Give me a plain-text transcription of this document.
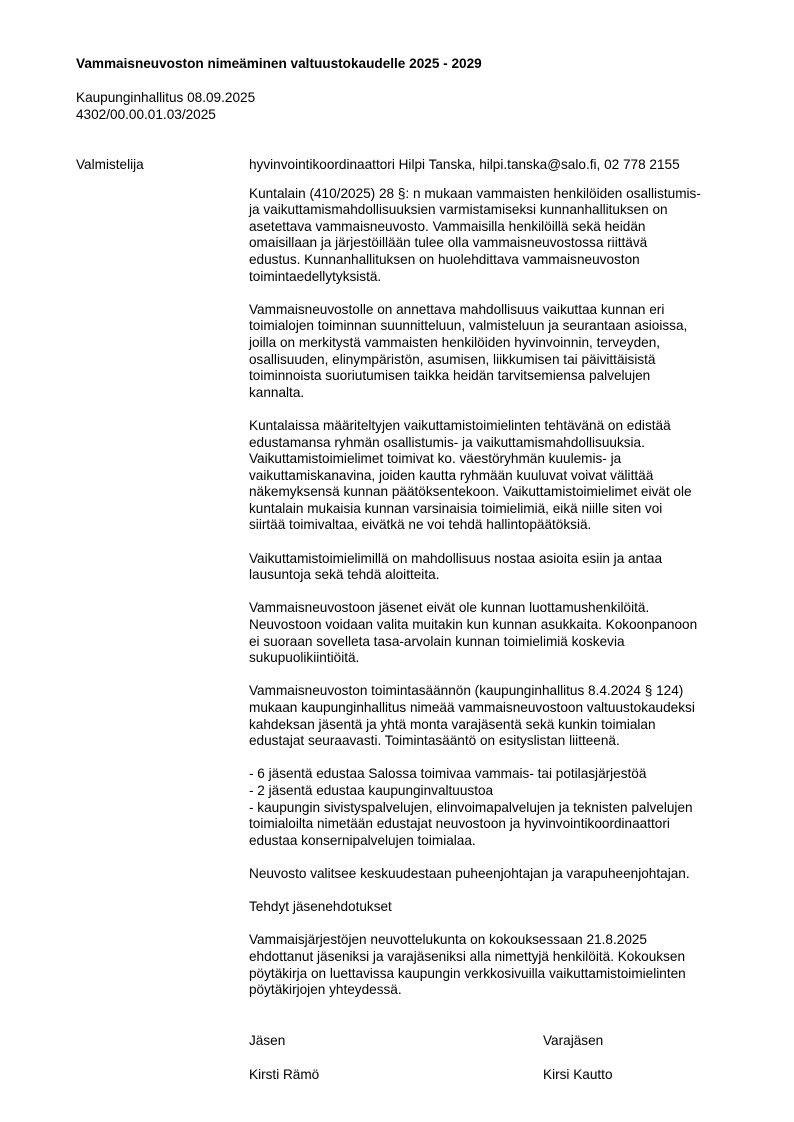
Vammaisneuvoston nimeäminen valtuustokaudelle 2025 - 2029
Kaupunginhallitus 08.09.2025
4302/00.00.01.03/2025
Valmistelija	hyvinvointikoordinaattori Hilpi Tanska, hilpi.tanska@salo.fi, 02 778 2155
Kuntalain (410/2025) 28 §: n mukaan vammaisten henkilöiden osallistumis-
ja vaikuttamismahdollisuuksien varmistamiseksi kunnanhallituksen on
asetettava vammaisneuvosto. Vammaisilla henkilöillä sekä heidän
omaisillaan ja järjestöillään tulee olla vammaisneuvostossa riittävä
edustus. Kunnanhallituksen on huolehdittava vammaisneuvoston
toimintaedellytyksistä.
Vammaisneuvostolle on annettava mahdollisuus vaikuttaa kunnan eri
toimialojen toiminnan suunnitteluun, valmisteluun ja seurantaan asioissa,
joilla on merkitystä vammaisten henkilöiden hyvinvoinnin, terveyden,
osallisuuden, elinympäristön, asumisen, liikkumisen tai päivittäisistä
toiminnoista suoriutumisen taikka heidän tarvitsemiensa palvelujen
kannalta.
Kuntalaissa määriteltyjen vaikuttamistoimielinten tehtävänä on edistää
edustamansa ryhmän osallistumis- ja vaikuttamismahdollisuuksia.
Vaikuttamistoimielimet toimivat ko. väestöryhmän kuulemis- ja
vaikuttamiskanavina, joiden kautta ryhmään kuuluvat voivat välittää
näkemyksensä kunnan päätöksentekoon. Vaikuttamistoimielimet eivät ole
kuntalain mukaisia kunnan varsinaisia toimielimiä, eikä niille siten voi
siirtää toimivaltaa, eivätkä ne voi tehdä hallintopäätöksiä.
Vaikuttamistoimielimillä on mahdollisuus nostaa asioita esiin ja antaa
lausuntoja sekä tehdä aloitteita.
Vammaisneuvostoon jäsenet eivät ole kunnan luottamushenkilöitä.
Neuvostoon voidaan valita muitakin kun kunnan asukkaita. Kokoonpanoon
ei suoraan sovelleta tasa-arvolain kunnan toimielimiä koskevia
sukupuolikiintiöitä.
Vammaisneuvoston toimintasäännön (kaupunginhallitus 8.4.2024 § 124)
mukaan kaupunginhallitus nimeää vammaisneuvostoon valtuustokaudeksi
kahdeksan jäsentä ja yhtä monta varajäsentä sekä kunkin toimialan
edustajat seuraavasti. Toimintasääntö on esityslistan liitteenä.
- 6 jäsentä edustaa Salossa toimivaa vammais- tai potilasjärjestöä
- 2 jäsentä edustaa kaupunginvaltuustoa
- kaupungin sivistyspalvelujen, elinvoimapalvelujen ja teknisten palvelujen
toimialoilta nimetään edustajat neuvostoon ja hyvinvointikoordinaattori
edustaa konsernipalvelujen toimialaa.
Neuvosto valitsee keskuudestaan puheenjohtajan ja varapuheenjohtajan.
Tehdyt jäsenehdotukset
Vammaisjärjestöjen neuvottelukunta on kokouksessaan 21.8.2025
ehdottanut jäseniksi ja varajäseniksi alla nimettyjä henkilöitä. Kokouksen
pöytäkirja on luettavissa kaupungin verkkosivuilla vaikuttamistoimielinten
pöytäkirjojen yhteydessä.
Jäsen	Varajäsen
Kirsti Rämö	Kirsi Kautto
